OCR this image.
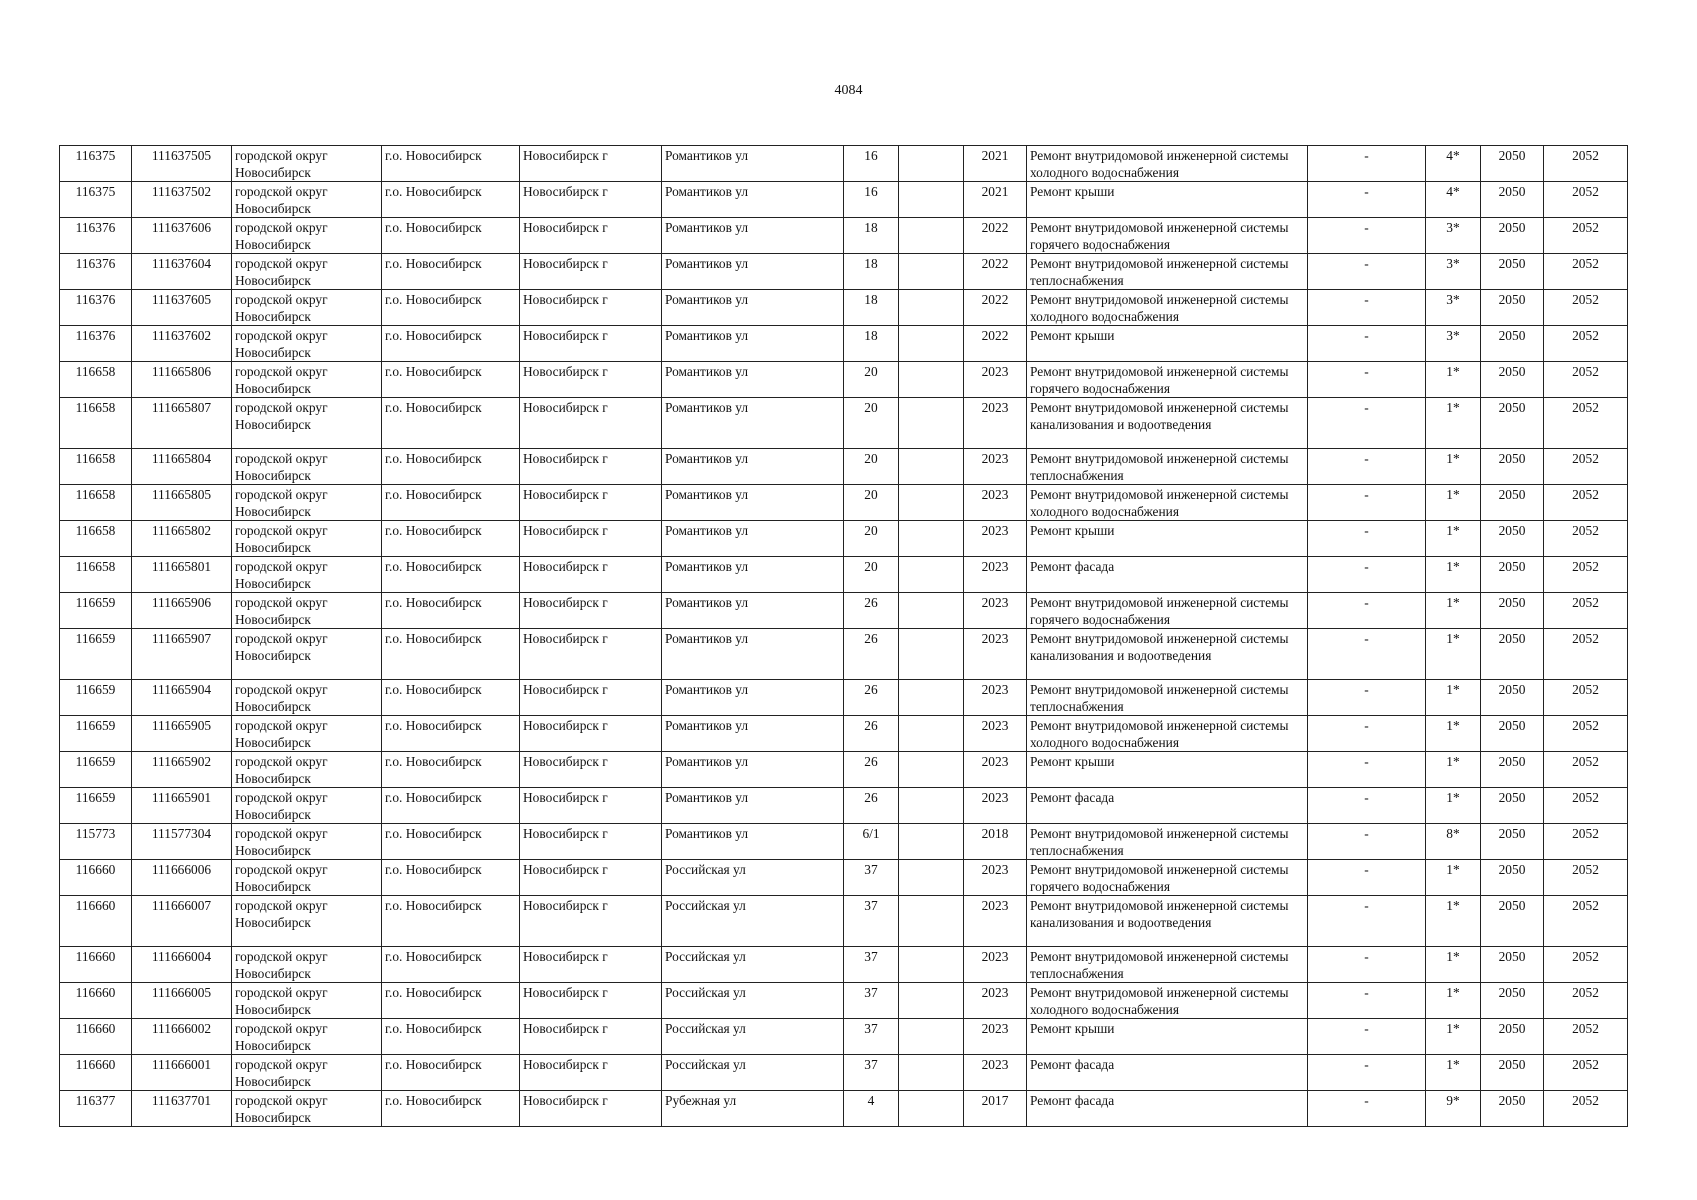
4084
116375	111637505	городской округ Новосибирск	г.о. Новосибирск	Новосибирск г	Романтиков ул	16		2021	Ремонт внутридомовой инженерной системы холодного водоснабжения	-	4*	2050	2052
116375	111637502	городской округ Новосибирск	г.о. Новосибирск	Новосибирск г	Романтиков ул	16		2021	Ремонт крыши	-	4*	2050	2052
116376	111637606	городской округ Новосибирск	г.о. Новосибирск	Новосибирск г	Романтиков ул	18		2022	Ремонт внутридомовой инженерной системы горячего водоснабжения	-	3*	2050	2052
116376	111637604	городской округ Новосибирск	г.о. Новосибирск	Новосибирск г	Романтиков ул	18		2022	Ремонт внутридомовой инженерной системы теплоснабжения	-	3*	2050	2052
116376	111637605	городской округ Новосибирск	г.о. Новосибирск	Новосибирск г	Романтиков ул	18		2022	Ремонт внутридомовой инженерной системы холодного водоснабжения	-	3*	2050	2052
116376	111637602	городской округ Новосибирск	г.о. Новосибирск	Новосибирск г	Романтиков ул	18		2022	Ремонт крыши	-	3*	2050	2052
116658	111665806	городской округ Новосибирск	г.о. Новосибирск	Новосибирск г	Романтиков ул	20		2023	Ремонт внутридомовой инженерной системы горячего водоснабжения	-	1*	2050	2052
116658	111665807	городской округ Новосибирск	г.о. Новосибирск	Новосибирск г	Романтиков ул	20		2023	Ремонт внутридомовой инженерной системы канализования и водоотведения	-	1*	2050	2052
116658	111665804	городской округ Новосибирск	г.о. Новосибирск	Новосибирск г	Романтиков ул	20		2023	Ремонт внутридомовой инженерной системы теплоснабжения	-	1*	2050	2052
116658	111665805	городской округ Новосибирск	г.о. Новосибирск	Новосибирск г	Романтиков ул	20		2023	Ремонт внутридомовой инженерной системы холодного водоснабжения	-	1*	2050	2052
116658	111665802	городской округ Новосибирск	г.о. Новосибирск	Новосибирск г	Романтиков ул	20		2023	Ремонт крыши	-	1*	2050	2052
116658	111665801	городской округ Новосибирск	г.о. Новосибирск	Новосибирск г	Романтиков ул	20		2023	Ремонт фасада	-	1*	2050	2052
116659	111665906	городской округ Новосибирск	г.о. Новосибирск	Новосибирск г	Романтиков ул	26		2023	Ремонт внутридомовой инженерной системы горячего водоснабжения	-	1*	2050	2052
116659	111665907	городской округ Новосибирск	г.о. Новосибирск	Новосибирск г	Романтиков ул	26		2023	Ремонт внутридомовой инженерной системы канализования и водоотведения	-	1*	2050	2052
116659	111665904	городской округ Новосибирск	г.о. Новосибирск	Новосибирск г	Романтиков ул	26		2023	Ремонт внутридомовой инженерной системы теплоснабжения	-	1*	2050	2052
116659	111665905	городской округ Новосибирск	г.о. Новосибирск	Новосибирск г	Романтиков ул	26		2023	Ремонт внутридомовой инженерной системы холодного водоснабжения	-	1*	2050	2052
116659	111665902	городской округ Новосибирск	г.о. Новосибирск	Новосибирск г	Романтиков ул	26		2023	Ремонт крыши	-	1*	2050	2052
116659	111665901	городской округ Новосибирск	г.о. Новосибирск	Новосибирск г	Романтиков ул	26		2023	Ремонт фасада	-	1*	2050	2052
115773	111577304	городской округ Новосибирск	г.о. Новосибирск	Новосибирск г	Романтиков ул	6/1		2018	Ремонт внутридомовой инженерной системы теплоснабжения	-	8*	2050	2052
116660	111666006	городской округ Новосибирск	г.о. Новосибирск	Новосибирск г	Российская ул	37		2023	Ремонт внутридомовой инженерной системы горячего водоснабжения	-	1*	2050	2052
116660	111666007	городской округ Новосибирск	г.о. Новосибирск	Новосибирск г	Российская ул	37		2023	Ремонт внутридомовой инженерной системы канализования и водоотведения	-	1*	2050	2052
116660	111666004	городской округ Новосибирск	г.о. Новосибирск	Новосибирск г	Российская ул	37		2023	Ремонт внутридомовой инженерной системы теплоснабжения	-	1*	2050	2052
116660	111666005	городской округ Новосибирск	г.о. Новосибирск	Новосибирск г	Российская ул	37		2023	Ремонт внутридомовой инженерной системы холодного водоснабжения	-	1*	2050	2052
116660	111666002	городской округ Новосибирск	г.о. Новосибирск	Новосибирск г	Российская ул	37		2023	Ремонт крыши	-	1*	2050	2052
116660	111666001	городской округ Новосибирск	г.о. Новосибирск	Новосибирск г	Российская ул	37		2023	Ремонт фасада	-	1*	2050	2052
116377	111637701	городской округ Новосибирск	г.о. Новосибирск	Новосибирск г	Рубежная ул	4		2017	Ремонт фасада	-	9*	2050	2052
